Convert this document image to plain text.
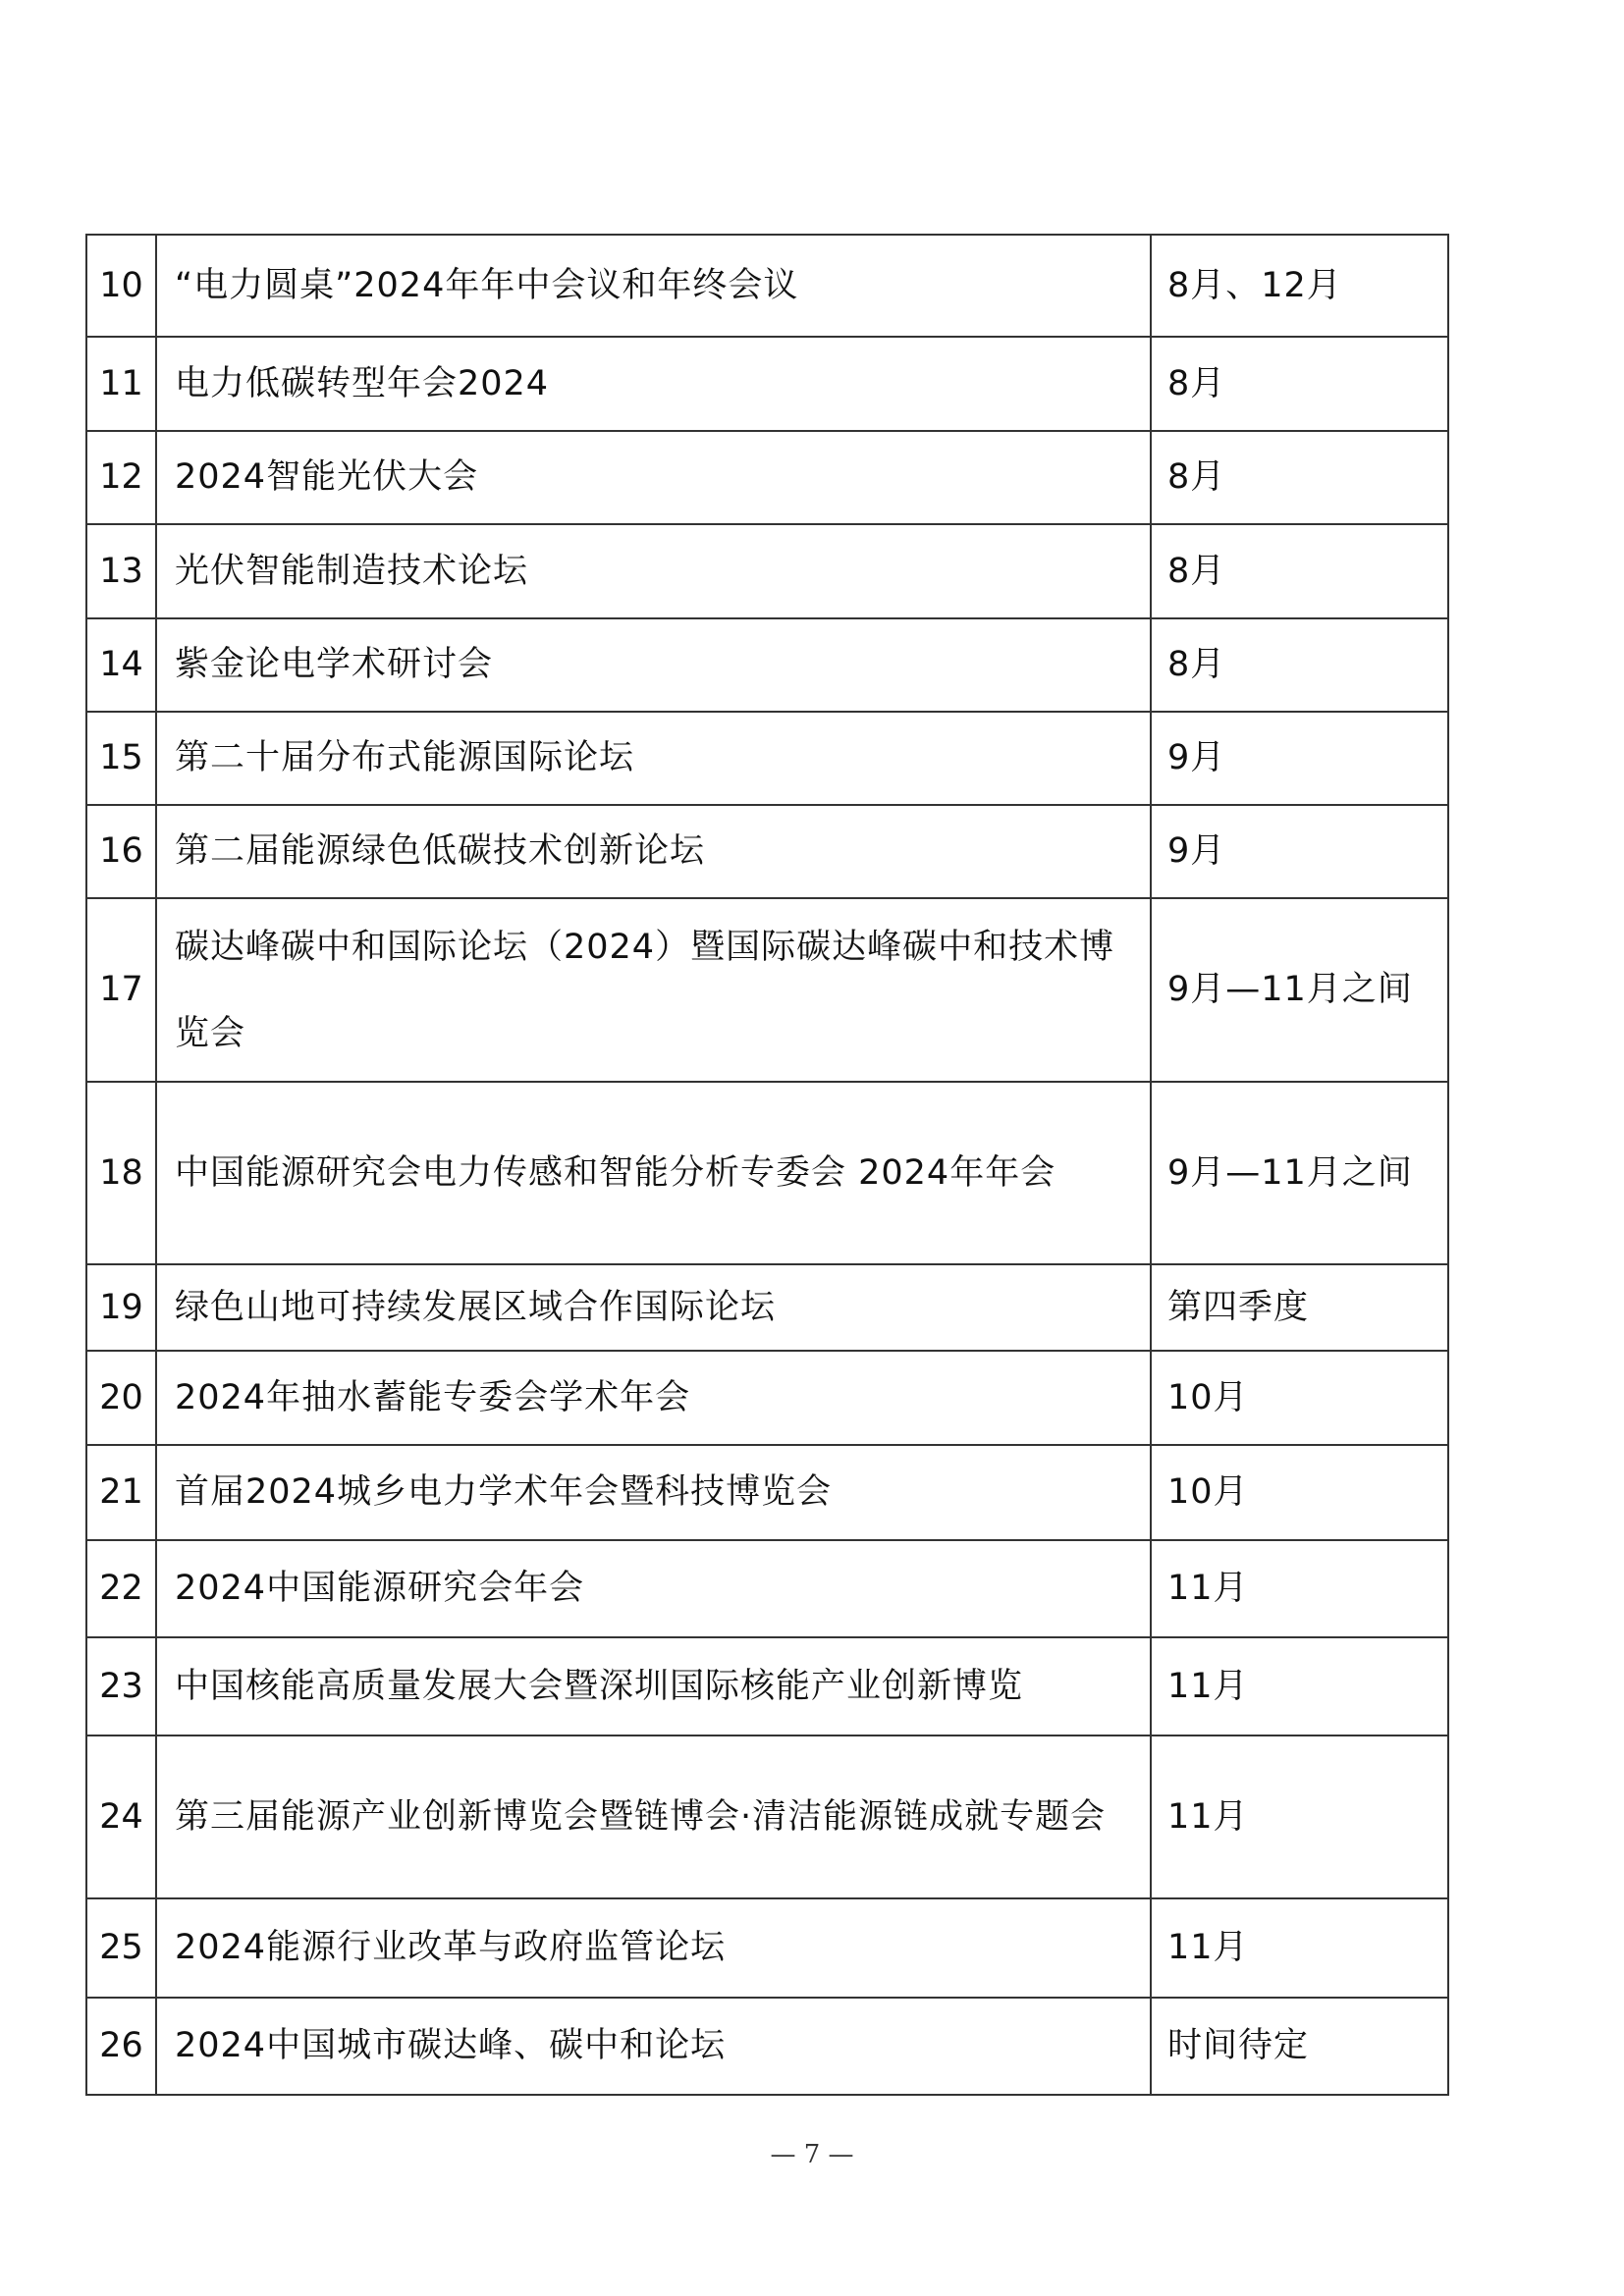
10	“电力圆桌”2024年年中会议和年终会议	8月、12月
11	电力低碳转型年会2024	8月
12	2024智能光伏大会	8月
13	光伏智能制造技术论坛	8月
14	紫金论电学术研讨会	8月
15	第二十届分布式能源国际论坛	9月
16	第二届能源绿色低碳技术创新论坛	9月
17	碳达峰碳中和国际论坛（2024）暨国际碳达峰碳中和技术博览会	9月—11月之间
18	中国能源研究会电力传感和智能分析专委会 2024年年会	9月—11月之间
19	绿色山地可持续发展区域合作国际论坛	第四季度
20	2024年抽水蓄能专委会学术年会	10月
21	首届2024城乡电力学术年会暨科技博览会	10月
22	2024中国能源研究会年会	11月
23	中国核能高质量发展大会暨深圳国际核能产业创新博览	11月
24	第三届能源产业创新博览会暨链博会·清洁能源链成就专题会	11月
25	2024能源行业改革与政府监管论坛	11月
26	2024中国城市碳达峰、碳中和论坛	时间待定
— 7 —
